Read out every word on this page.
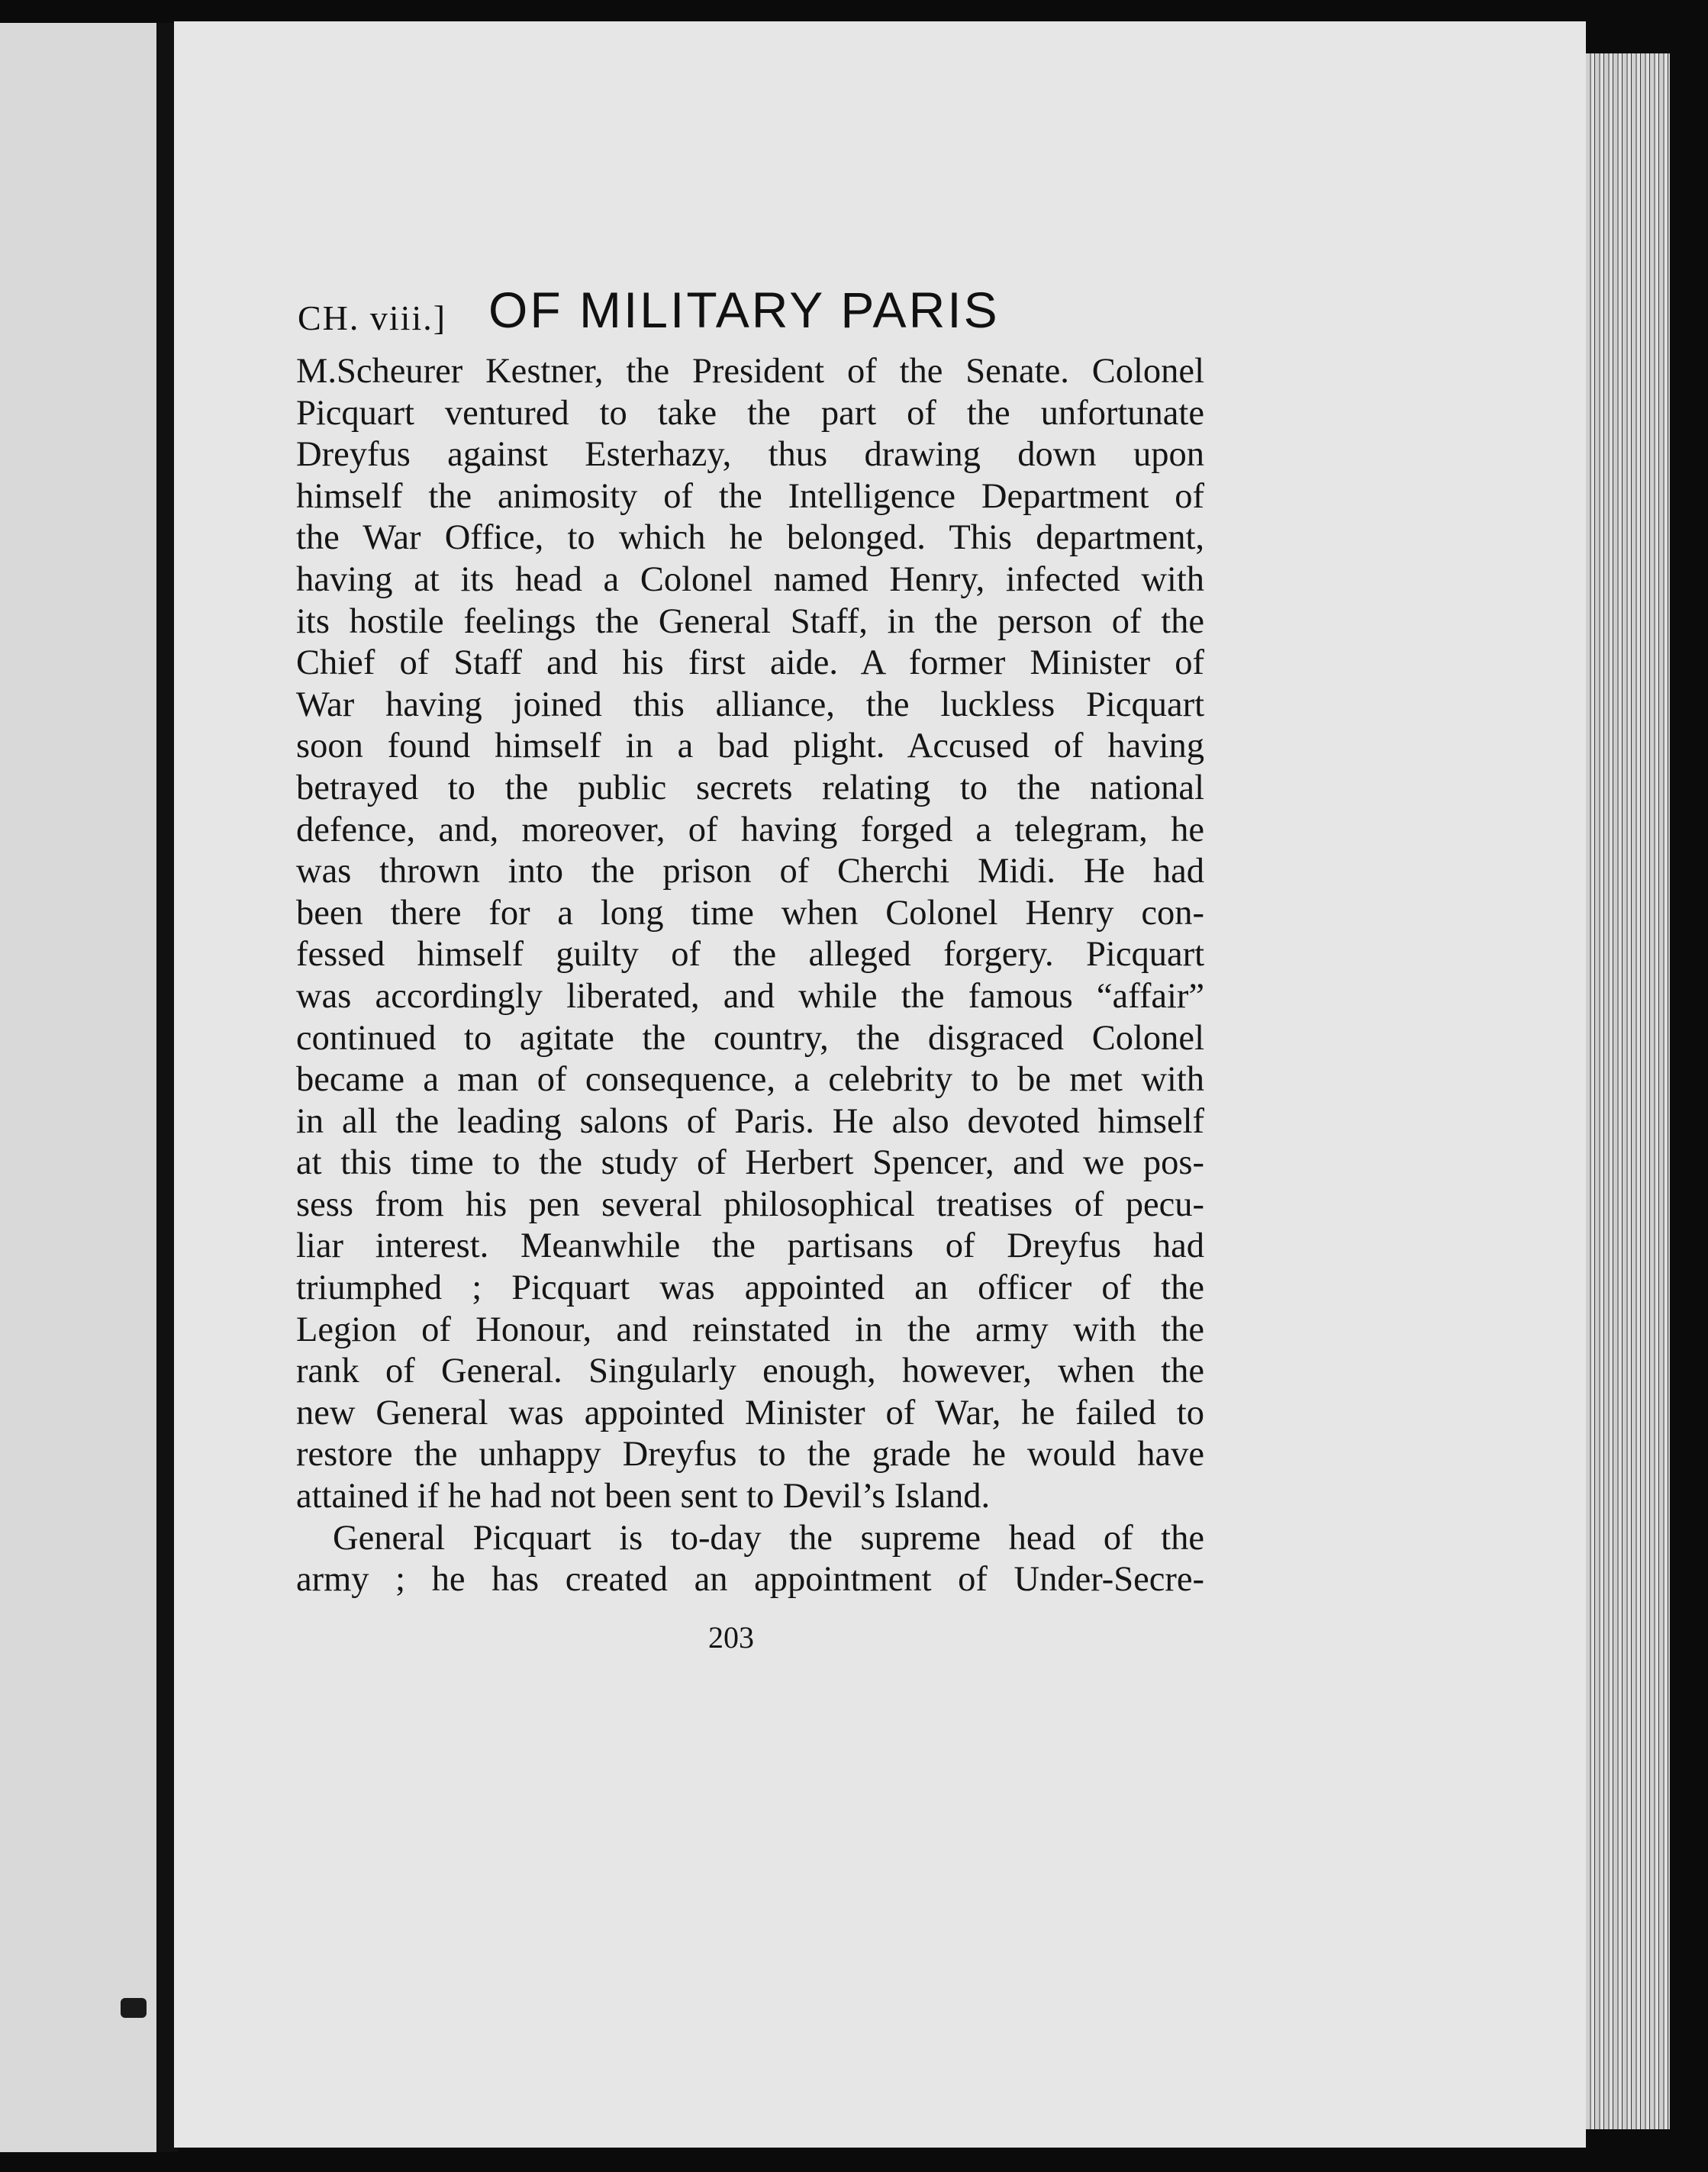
CH. viii.] OF MILITARY PARIS
M.Scheurer Kestner, the President of the Senate. Colonel
Picquart ventured to take the part of the unfortunate
Dreyfus against Esterhazy, thus drawing down upon
himself the animosity of the Intelligence Department of
the War Office, to which he belonged. This department,
having at its head a Colonel named Henry, infected with
its hostile feelings the General Staff, in the person of the
Chief of Staff and his first aide. A former Minister of
War having joined this alliance, the luckless Picquart
soon found himself in a bad plight. Accused of having
betrayed to the public secrets relating to the national
defence, and, moreover, of having forged a telegram, he
was thrown into the prison of Cherchi Midi. He had
been there for a long time when Colonel Henry con-
fessed himself guilty of the alleged forgery. Picquart
was accordingly liberated, and while the famous “affair”
continued to agitate the country, the disgraced Colonel
became a man of consequence, a celebrity to be met with
in all the leading salons of Paris. He also devoted himself
at this time to the study of Herbert Spencer, and we pos-
sess from his pen several philosophical treatises of pecu-
liar interest. Meanwhile the partisans of Dreyfus had
triumphed ; Picquart was appointed an officer of the
Legion of Honour, and reinstated in the army with the
rank of General. Singularly enough, however, when the
new General was appointed Minister of War, he failed to
restore the unhappy Dreyfus to the grade he would have
attained if he had not been sent to Devil’s Island.
General Picquart is to-day the supreme head of the
army ; he has created an appointment of Under-Secre-
203
